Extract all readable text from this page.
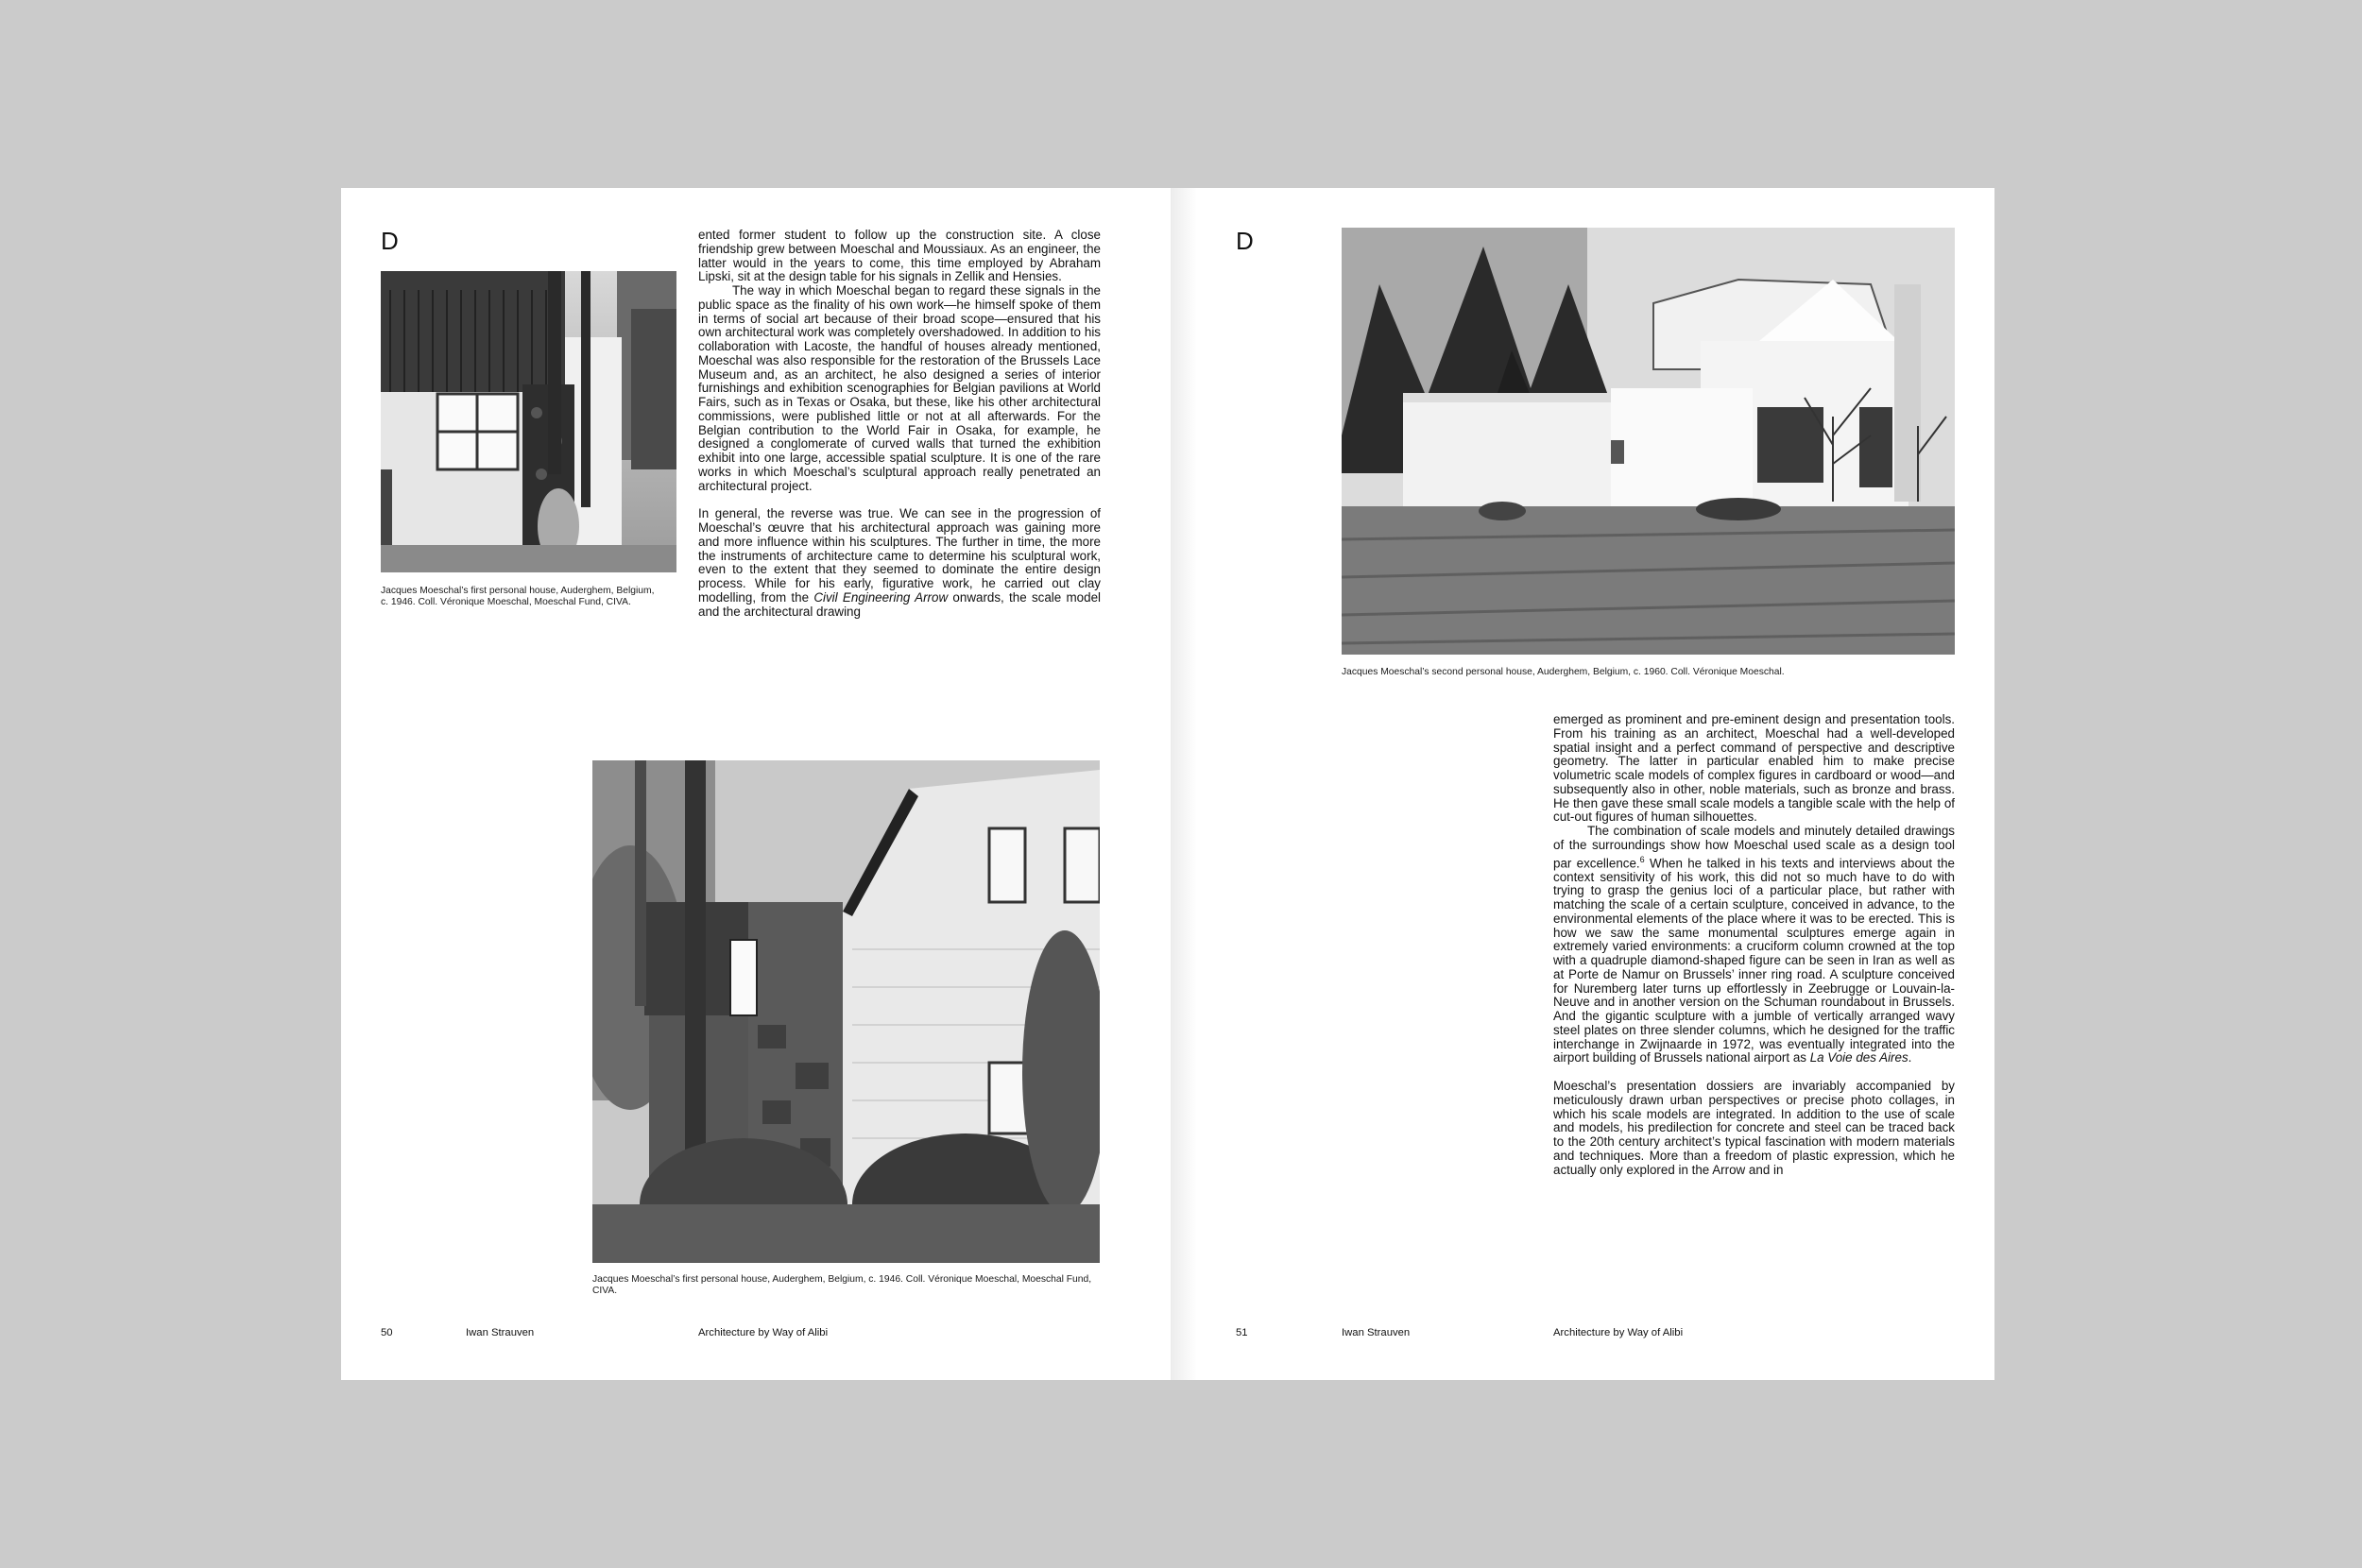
D
Jacques Moeschal’s first personal house, Auderghem, Belgium, c. 1946. Coll. Véronique Moeschal, Moeschal Fund, CIVA.

ented former student to follow up the construction site. A close friendship grew between Moeschal and Moussiaux. As an engineer, the latter would in the years to come, this time employed by Abraham Lipski, sit at the design table for his signals in Zellik and Hensies.

The way in which Moeschal began to regard these signals in the public space as the finality of his own work—he himself spoke of them in terms of social art because of their broad scope—ensured that his own architectural work was completely overshadowed. In addition to his collaboration with Lacoste, the handful of houses already mentioned, Moeschal was also responsible for the restoration of the Brussels Lace Museum and, as an architect, he also designed a series of interior furnishings and exhibition scenographies for Belgian pavilions at World Fairs, such as in Texas or Osaka, but these, like his other architectural commissions, were published little or not at all afterwards. For the Belgian contribution to the World Fair in Osaka, for example, he designed a conglomerate of curved walls that turned the exhibition exhibit into one large, accessible spatial sculpture. It is one of the rare works in which Moeschal’s sculptural approach really penetrated an architectural project.

In general, the reverse was true. We can see in the progression of Moeschal’s œuvre that his architectural approach was gaining more and more influence within his sculptures. The further in time, the more the instruments of architecture came to determine his sculptural work, even to the extent that they seemed to dominate the entire design process. While for his early, figurative work, he carried out clay modelling, from the Civil Engineering Arrow onwards, the scale model and the architectural drawing

Jacques Moeschal’s first personal house, Auderghem, Belgium, c. 1946. Coll. Véronique Moeschal, Moeschal Fund, CIVA.
50	Iwan Strauven	Architecture by Way of Alibi
D
Jacques Moeschal’s second personal house, Auderghem, Belgium, c. 1960. Coll. Véronique Moeschal.

emerged as prominent and pre-eminent design and presentation tools. From his training as an architect, Moeschal had a well-developed spatial insight and a perfect command of perspective and descriptive geometry. The latter in particular enabled him to make precise volumetric scale models of complex figures in cardboard or wood—and subsequently also in other, noble materials, such as bronze and brass. He then gave these small scale models a tangible scale with the help of cut-out figures of human silhouettes.

The combination of scale models and minutely detailed drawings of the surroundings show how Moeschal used scale as a design tool par excellence.$^6$ When he talked in his texts and interviews about the context sensitivity of his work, this did not so much have to do with trying to grasp the genius loci of a particular place, but rather with matching the scale of a certain sculpture, conceived in advance, to the environmental elements of the place where it was to be erected. This is how we saw the same monumental sculptures emerge again in extremely varied environments: a cruciform column crowned at the top with a quadruple diamond-shaped figure can be seen in Iran as well as at Porte de Namur on Brussels’ inner ring road. A sculpture conceived for Nuremberg later turns up effortlessly in Zeebrugge or Louvain-la-Neuve and in another version on the Schuman roundabout in Brussels. And the gigantic sculpture with a jumble of vertically arranged wavy steel plates on three slender columns, which he designed for the traffic interchange in Zwijnaarde in 1972, was eventually integrated into the airport building of Brussels national airport as La Voie des Aires.

Moeschal’s presentation dossiers are invariably accompanied by meticulously drawn urban perspectives or precise photo collages, in which his scale models are integrated. In addition to the use of scale and models, his predilection for concrete and steel can be traced back to the 20th century architect’s typical fascination with modern materials and techniques. More than a freedom of plastic expression, which he actually only explored in the Arrow and in

51	Iwan Strauven	Architecture by Way of Alibi
